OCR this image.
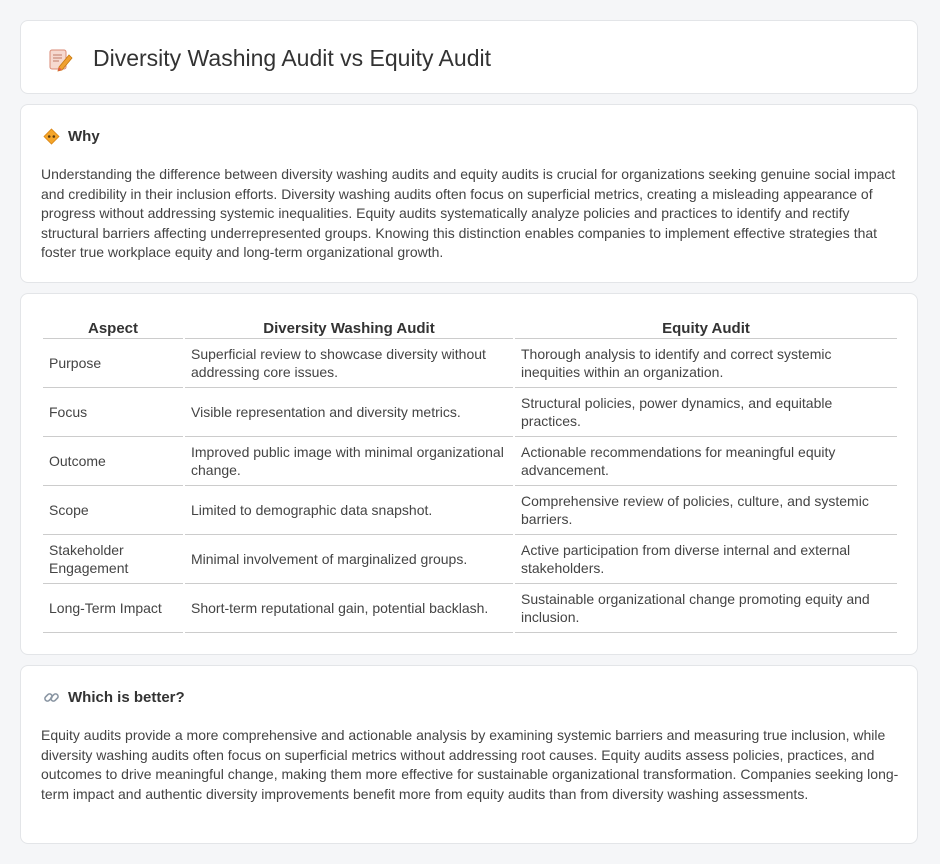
Diversity Washing Audit vs Equity Audit
Why

Understanding the difference between diversity washing audits and equity audits is crucial for organizations seeking genuine social impact and credibility in their inclusion efforts. Diversity washing audits often focus on superficial metrics, creating a misleading appearance of progress without addressing systemic inequalities. Equity audits systematically analyze policies and practices to identify and rectify structural barriers affecting underrepresented groups. Knowing this distinction enables companies to implement effective strategies that foster true workplace equity and long-term organizational growth.

Aspect	Diversity Washing Audit	Equity Audit
Purpose	Superficial review to showcase diversity without addressing core issues.	Thorough analysis to identify and correct systemic inequities within an organization.
Focus	Visible representation and diversity metrics.	Structural policies, power dynamics, and equitable practices.
Outcome	Improved public image with minimal organizational change.	Actionable recommendations for meaningful equity advancement.
Scope	Limited to demographic data snapshot.	Comprehensive review of policies, culture, and systemic barriers.
Stakeholder Engagement	Minimal involvement of marginalized groups.	Active participation from diverse internal and external stakeholders.
Long-Term Impact	Short-term reputational gain, potential backlash.	Sustainable organizational change promoting equity and inclusion.
Which is better?

Equity audits provide a more comprehensive and actionable analysis by examining systemic barriers and measuring true inclusion, while diversity washing audits often focus on superficial metrics without addressing root causes. Equity audits assess policies, practices, and outcomes to drive meaningful change, making them more effective for sustainable organizational transformation. Companies seeking long-term impact and authentic diversity improvements benefit more from equity audits than from diversity washing assessments.
